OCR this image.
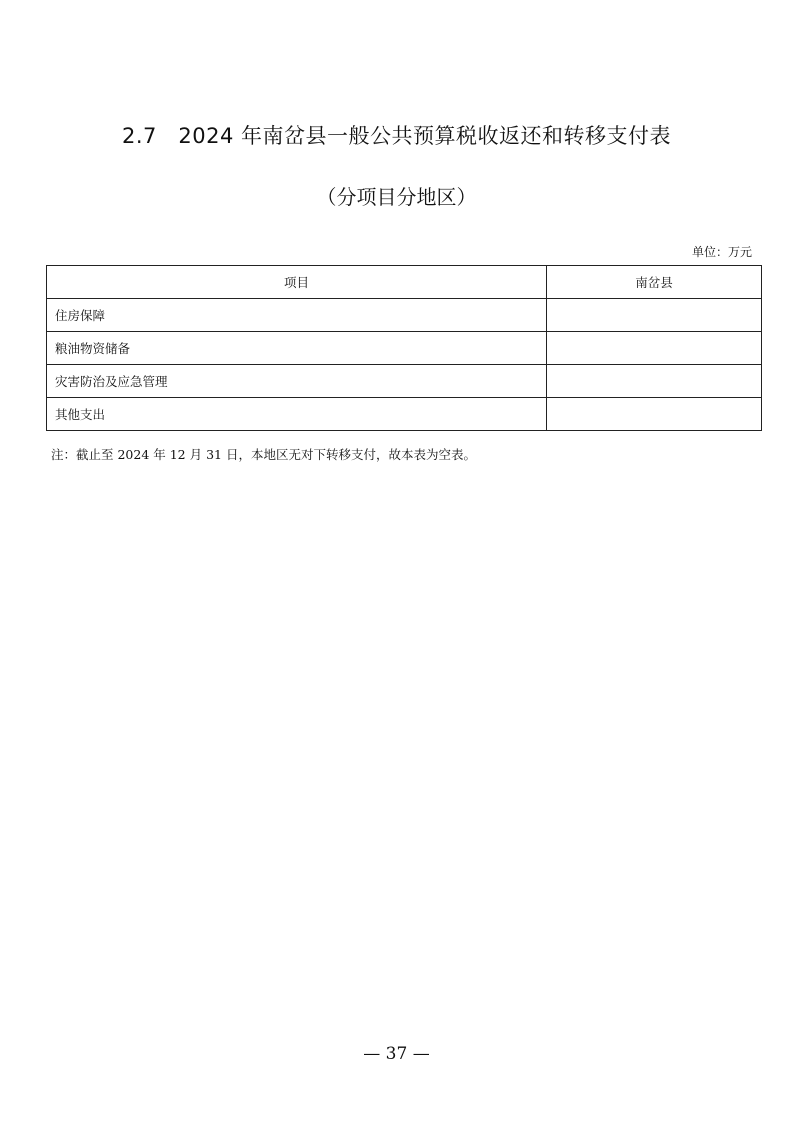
2.7　2024 年南岔县一般公共预算税收返还和转移支付表
（分项目分地区）
单位：万元
项目	南岔县
住房保障	
粮油物资储备	
灾害防治及应急管理	
其他支出	
注：截止至 2024 年 12 月 31 日，本地区无对下转移支付，故本表为空表。
— 37 —
